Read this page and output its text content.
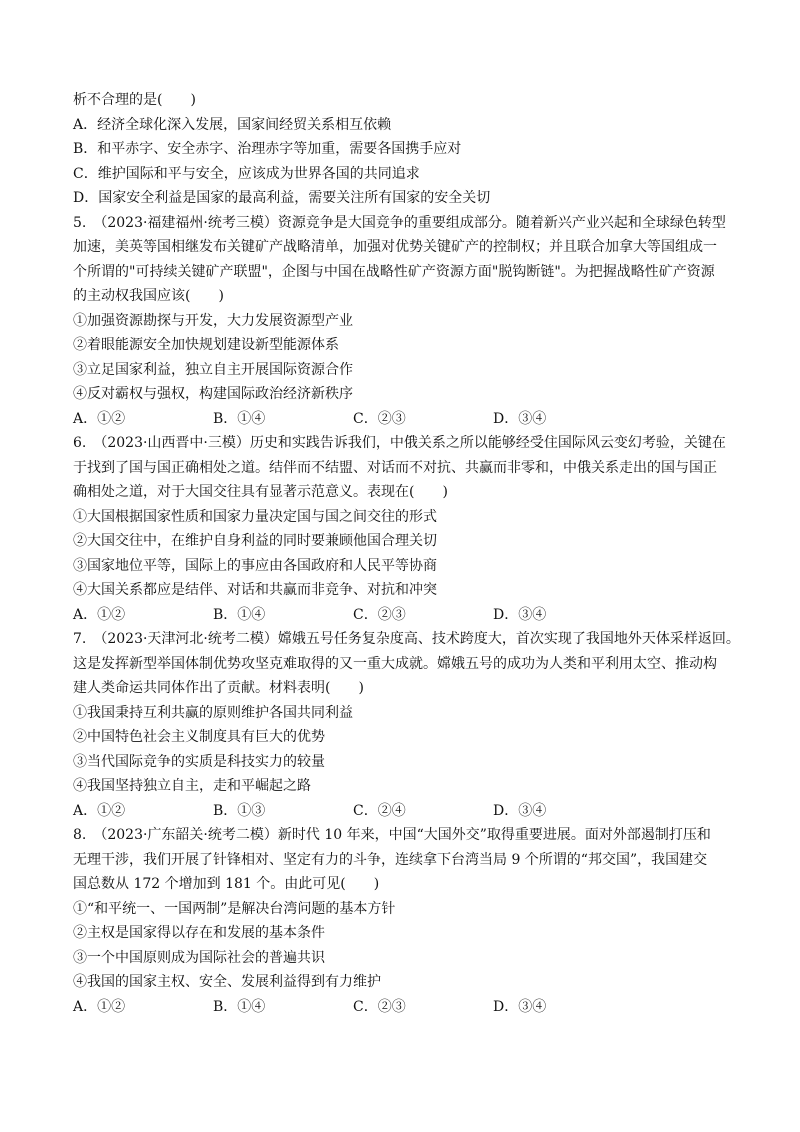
析不合理的是(　　)
A．经济全球化深入发展，国家间经贸关系相互依赖
B．和平赤字、安全赤字、治理赤字等加重，需要各国携手应对
C．维护国际和平与安全，应该成为世界各国的共同追求
D．国家安全利益是国家的最高利益，需要关注所有国家的安全关切
5.　（2023·福建福州·统考三模）资源竞争是大国竞争的重要组成部分。随着新兴产业兴起和全球绿色转型
加速，美英等国相继发布关键矿产战略清单，加强对优势关键矿产的控制权；并且联合加拿大等国组成一
个所谓的"可持续关键矿产联盟"，企图与中国在战略性矿产资源方面"脱钩断链"。为把握战略性矿产资源
的主动权我国应该(　　)
①加强资源勘探与开发，大力发展资源型产业
②着眼能源安全加快规划建设新型能源体系
③立足国家利益，独立自主开展国际资源合作
④反对霸权与强权，构建国际政治经济新秩序
A．①②	B．①④	C．②③	D．③④
6.　（2023·山西晋中·三模）历史和实践告诉我们，中俄关系之所以能够经受住国际风云变幻考验，关键在
于找到了国与国正确相处之道。结伴而不结盟、对话而不对抗、共赢而非零和，中俄关系走出的国与国正
确相处之道，对于大国交往具有显著示范意义。表现在(　　)
①大国根据国家性质和国家力量决定国与国之间交往的形式
②大国交往中，在维护自身利益的同时要兼顾他国合理关切
③国家地位平等，国际上的事应由各国政府和人民平等协商
④大国关系都应是结伴、对话和共赢而非竞争、对抗和冲突
A．①②	B．①④	C．②③	D．③④
7.　（2023·天津河北·统考二模）嫦娥五号任务复杂度高、技术跨度大，首次实现了我国地外天体采样返回。
这是发挥新型举国体制优势攻坚克难取得的又一重大成就。嫦娥五号的成功为人类和平利用太空、推动构
建人类命运共同体作出了贡献。材料表明(　　)
①我国秉持互利共赢的原则维护各国共同利益
②中国特色社会主义制度具有巨大的优势
③当代国际竞争的实质是科技实力的较量
④我国坚持独立自主，走和平崛起之路
A．①②	B．①③	C．②④	D．③④
8.　（2023·广东韶关·统考二模）新时代 10 年来，中国“大国外交”取得重要进展。面对外部遏制打压和
无理干涉，我们开展了针锋相对、坚定有力的斗争，连续拿下台湾当局 9 个所谓的“邦交国”，我国建交
国总数从 172 个增加到 181 个。由此可见(　　)
①“和平统一、一国两制”是解决台湾问题的基本方针
②主权是国家得以存在和发展的基本条件
③一个中国原则成为国际社会的普遍共识
④我国的国家主权、安全、发展利益得到有力维护
A．①②	B．①④	C．②③	D．③④
